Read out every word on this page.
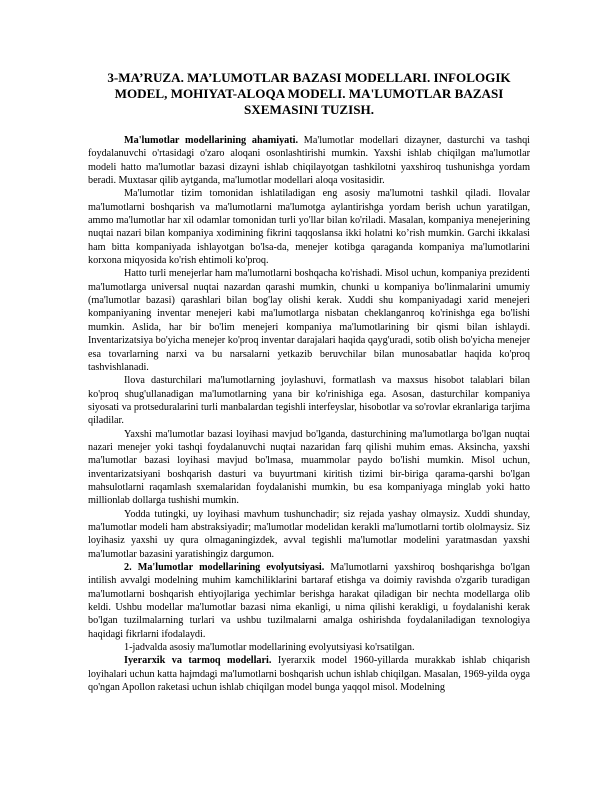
3-MA’RUZA. MA’LUMOTLAR BAZASI MODELLARI. INFOLOGIK
MODEL, MOHIYAT-ALOQA MODELI. MA'LUMOTLAR BAZASI
SXEMASINI TUZISH.

Ma'lumotlar modellarining ahamiyati. Ma'lumotlar modellari dizayner, dasturchi va tashqi foydalanuvchi o'rtasidagi o'zaro aloqani osonlashtirishi mumkin. Yaxshi ishlab chiqilgan ma'lumotlar modeli hatto ma'lumotlar bazasi dizayni ishlab chiqilayotgan tashkilotni yaxshiroq tushunishga yordam beradi. Muxtasar qilib aytganda, ma'lumotlar modellari aloqa vositasidir.

Ma'lumotlar tizim tomonidan ishlatiladigan eng asosiy ma'lumotni tashkil qiladi. Ilovalar ma'lumotlarni boshqarish va ma'lumotlarni ma'lumotga aylantirishga yordam berish uchun yaratilgan, ammo ma'lumotlar har xil odamlar tomonidan turli yo'llar bilan ko'riladi. Masalan, kompaniya menejerining nuqtai nazari bilan kompaniya xodimining fikrini taqqoslansa ikki holatni ko’rish mumkin. Garchi ikkalasi ham bitta kompaniyada ishlayotgan bo'lsa-da, menejer kotibga qaraganda kompaniya ma'lumotlarini korxona miqyosida ko'rish ehtimoli ko'proq.

Hatto turli menejerlar ham ma'lumotlarni boshqacha ko'rishadi. Misol uchun, kompaniya prezidenti ma'lumotlarga universal nuqtai nazardan qarashi mumkin, chunki u kompaniya bo'linmalarini umumiy (ma'lumotlar bazasi) qarashlari bilan bog'lay olishi kerak. Xuddi shu kompaniyadagi xarid menejeri kompaniyaning inventar menejeri kabi ma'lumotlarga nisbatan cheklanganroq ko'rinishga ega bo'lishi mumkin. Aslida, har bir bo'lim menejeri kompaniya ma'lumotlarining bir qismi bilan ishlaydi. Inventarizatsiya bo'yicha menejer ko'proq inventar darajalari haqida qayg'uradi, sotib olish bo'yicha menejer esa tovarlarning narxi va bu narsalarni yetkazib beruvchilar bilan munosabatlar haqida ko'proq tashvishlanadi.

Ilova dasturchilari ma'lumotlarning joylashuvi, formatlash va maxsus hisobot talablari bilan ko'proq shug'ullanadigan ma'lumotlarning yana bir ko'rinishiga ega. Asosan, dasturchilar kompaniya siyosati va protseduralarini turli manbalardan tegishli interfeyslar, hisobotlar va so'rovlar ekranlariga tarjima qiladilar.

Yaxshi ma'lumotlar bazasi loyihasi mavjud bo'lganda, dasturchining ma'lumotlarga bo'lgan nuqtai nazari menejer yoki tashqi foydalanuvchi nuqtai nazaridan farq qilishi muhim emas. Aksincha, yaxshi ma'lumotlar bazasi loyihasi mavjud bo'lmasa, muammolar paydo bo'lishi mumkin. Misol uchun, inventarizatsiyani boshqarish dasturi va buyurtmani kiritish tizimi bir-biriga qarama-qarshi bo'lgan mahsulotlarni raqamlash sxemalaridan foydalanishi mumkin, bu esa kompaniyaga minglab yoki hatto millionlab dollarga tushishi mumkin.

Yodda tutingki, uy loyihasi mavhum tushunchadir; siz rejada yashay olmaysiz. Xuddi shunday, ma'lumotlar modeli ham abstraksiyadir; ma'lumotlar modelidan kerakli ma'lumotlarni tortib ololmaysiz. Siz loyihasiz yaxshi uy qura olmaganingizdek, avval tegishli ma'lumotlar modelini yaratmasdan yaxshi ma'lumotlar bazasini yaratishingiz dargumon.

2. Ma'lumotlar modellarining evolyutsiyasi. Ma'lumotlarni yaxshiroq boshqarishga bo'lgan intilish avvalgi modelning muhim kamchiliklarini bartaraf etishga va doimiy ravishda o'zgarib turadigan ma'lumotlarni boshqarish ehtiyojlariga yechimlar berishga harakat qiladigan bir nechta modellarga olib keldi. Ushbu modellar ma'lumotlar bazasi nima ekanligi, u nima qilishi kerakligi, u foydalanishi kerak bo'lgan tuzilmalarning turlari va ushbu tuzilmalarni amalga oshirishda foydalaniladigan texnologiya haqidagi fikrlarni ifodalaydi.

1-jadvalda asosiy ma'lumotlar modellarining evolyutsiyasi ko'rsatilgan.

Iyerarxik va tarmoq modellari. Iyerarxik model 1960-yillarda murakkab ishlab chiqarish loyihalari uchun katta hajmdagi ma'lumotlarni boshqarish uchun ishlab chiqilgan. Masalan, 1969-yilda oyga qo'ngan Apollon raketasi uchun ishlab chiqilgan model bunga yaqqol misol. Modelning
